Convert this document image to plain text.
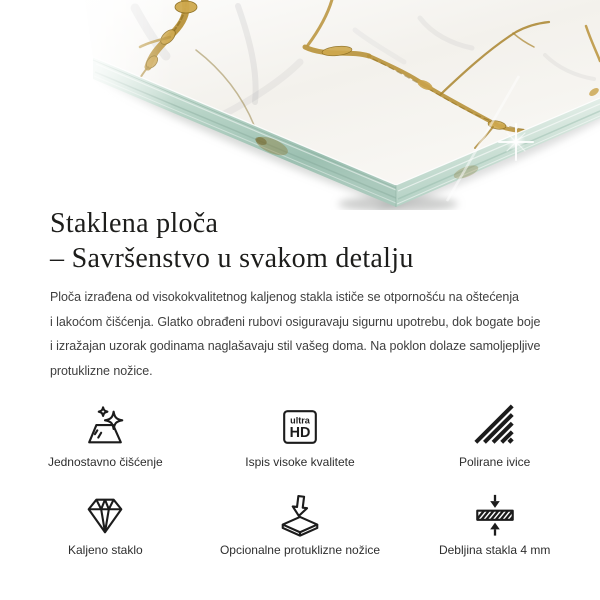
Staklena ploča
– Savršenstvo u svakom detalju
Ploča izrađena od visokokvalitetnog kaljenog stakla ističe se otpornošću na oštećenja
i lakoćom čišćenja. Glatko obrađeni rubovi osiguravaju sigurnu upotrebu, dok bogate boje
i izražajan uzorak godinama naglašavaju stil vašeg doma. Na poklon dolaze samoljepljive
protuklizne nožice.
Jednostavno čišćenje
ultra
HD
Ispis visoke kvalitete	Polirane ivice
Kaljeno staklo	Opcionalne protuklizne nožice	Debljina stakla 4 mm
